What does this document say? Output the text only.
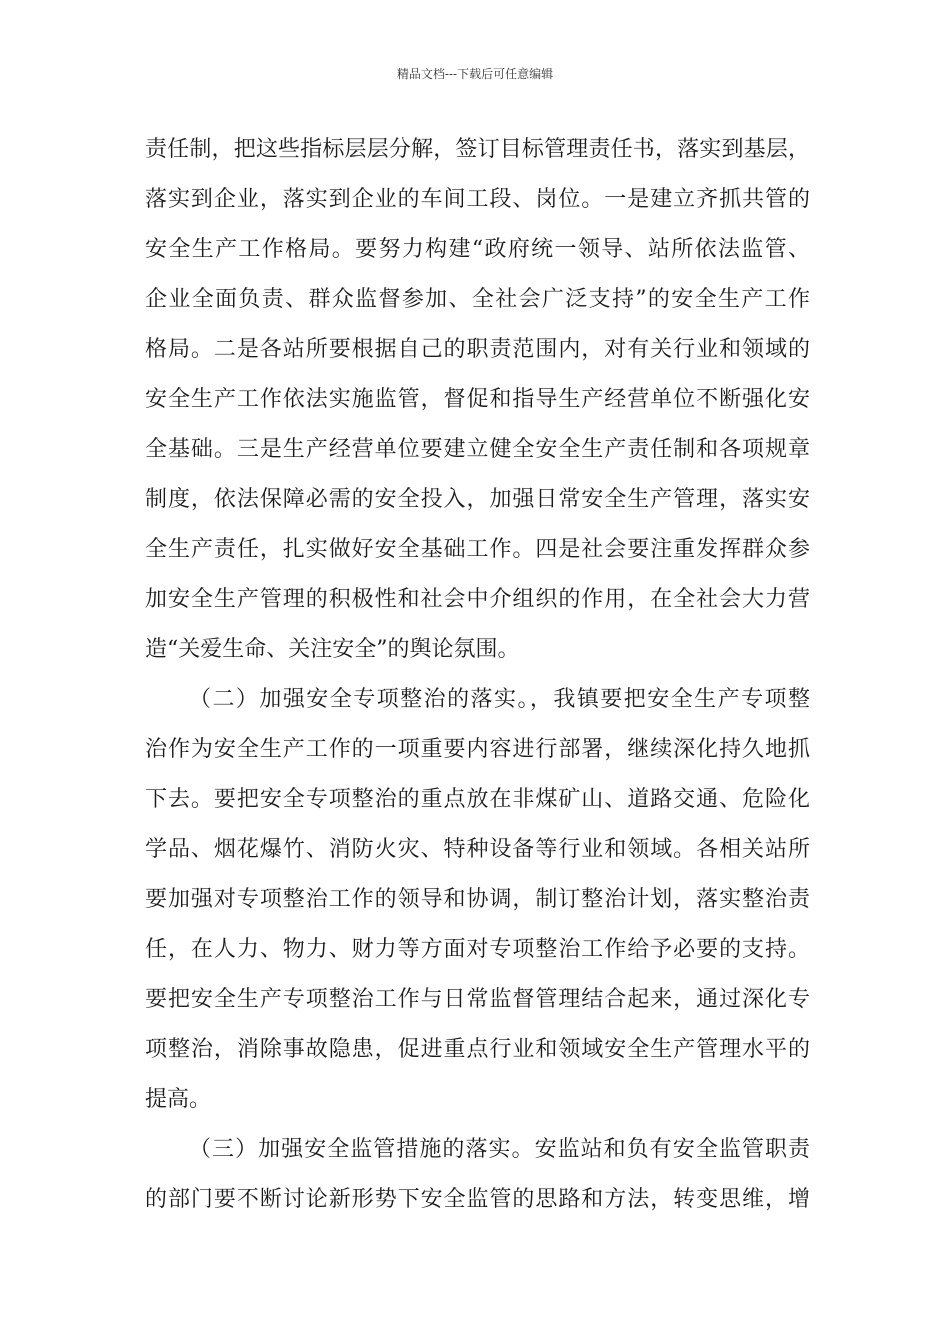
精品文档---下载后可任意编辑
责任制，把这些指标层层分解，签订目标管理责任书，落实到基层，
落实到企业，落实到企业的车间工段、岗位。一是建立齐抓共管的
安全生产工作格局。要努力构建“政府统一领导、站所依法监管、
企业全面负责、群众监督参加、全社会广泛支持”的安全生产工作
格局。二是各站所要根据自己的职责范围内，对有关行业和领域的
安全生产工作依法实施监管，督促和指导生产经营单位不断强化安
全基础。三是生产经营单位要建立健全安全生产责任制和各项规章
制度，依法保障必需的安全投入，加强日常安全生产管理，落实安
全生产责任，扎实做好安全基础工作。四是社会要注重发挥群众参
加安全生产管理的积极性和社会中介组织的作用，在全社会大力营
造“关爱生命、关注安全”的舆论氛围。
（二）加强安全专项整治的落实。，我镇要把安全生产专项整
治作为安全生产工作的一项重要内容进行部署，继续深化持久地抓
下去。要把安全专项整治的重点放在非煤矿山、道路交通、危险化
学品、烟花爆竹、消防火灾、特种设备等行业和领域。各相关站所
要加强对专项整治工作的领导和协调，制订整治计划，落实整治责
任，在人力、物力、财力等方面对专项整治工作给予必要的支持。
要把安全生产专项整治工作与日常监督管理结合起来，通过深化专
项整治，消除事故隐患，促进重点行业和领域安全生产管理水平的
提高。
（三）加强安全监管措施的落实。安监站和负有安全监管职责
的部门要不断讨论新形势下安全监管的思路和方法，转变思维，增
